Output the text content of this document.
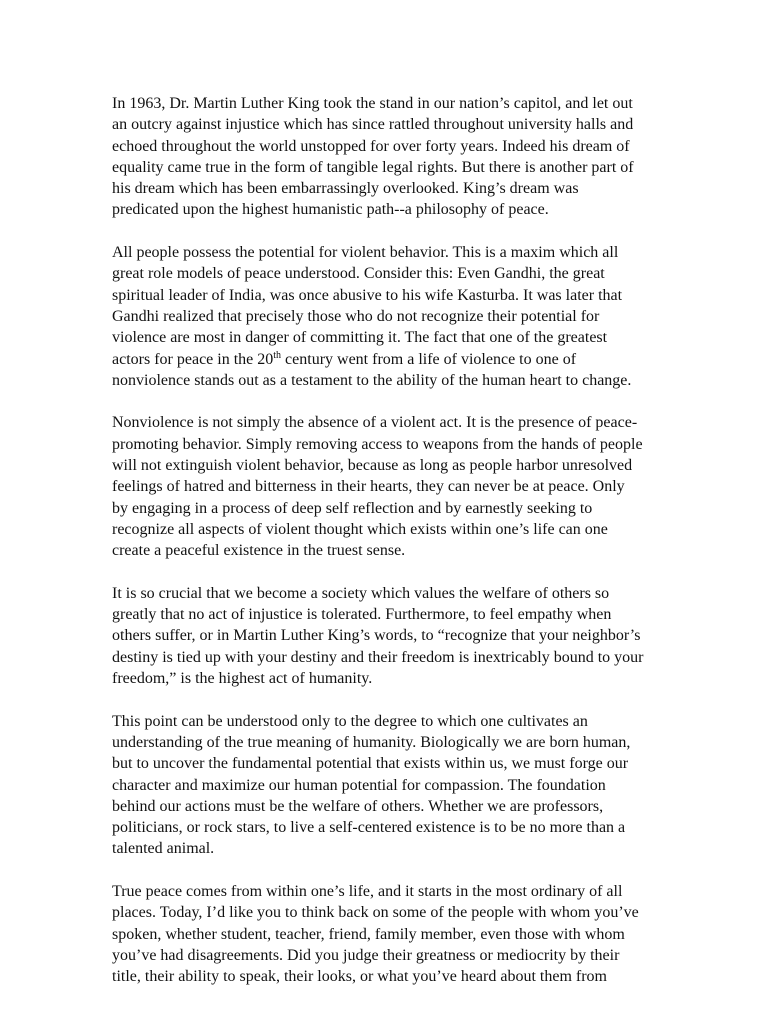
In 1963, Dr. Martin Luther King took the stand in our nation’s capitol, and let out
an outcry against injustice which has since rattled throughout university halls and
echoed throughout the world unstopped for over forty years. Indeed his dream of
equality came true in the form of tangible legal rights. But there is another part of
his dream which has been embarrassingly overlooked. King’s dream was
predicated upon the highest humanistic path--a philosophy of peace.
All people possess the potential for violent behavior. This is a maxim which all
great role models of peace understood. Consider this: Even Gandhi, the great
spiritual leader of India, was once abusive to his wife Kasturba. It was later that
Gandhi realized that precisely those who do not recognize their potential for
violence are most in danger of committing it. The fact that one of the greatest
actors for peace in the 20th century went from a life of violence to one of
nonviolence stands out as a testament to the ability of the human heart to change.
Nonviolence is not simply the absence of a violent act. It is the presence of peace-
promoting behavior. Simply removing access to weapons from the hands of people
will not extinguish violent behavior, because as long as people harbor unresolved
feelings of hatred and bitterness in their hearts, they can never be at peace. Only
by engaging in a process of deep self reflection and by earnestly seeking to
recognize all aspects of violent thought which exists within one’s life can one
create a peaceful existence in the truest sense.
It is so crucial that we become a society which values the welfare of others so
greatly that no act of injustice is tolerated. Furthermore, to feel empathy when
others suffer, or in Martin Luther King’s words, to “recognize that your neighbor’s
destiny is tied up with your destiny and their freedom is inextricably bound to your
freedom,” is the highest act of humanity.
This point can be understood only to the degree to which one cultivates an
understanding of the true meaning of humanity. Biologically we are born human,
but to uncover the fundamental potential that exists within us, we must forge our
character and maximize our human potential for compassion. The foundation
behind our actions must be the welfare of others. Whether we are professors,
politicians, or rock stars, to live a self-centered existence is to be no more than a
talented animal.
True peace comes from within one’s life, and it starts in the most ordinary of all
places. Today, I’d like you to think back on some of the people with whom you’ve
spoken, whether student, teacher, friend, family member, even those with whom
you’ve had disagreements. Did you judge their greatness or mediocrity by their
title, their ability to speak, their looks, or what you’ve heard about them from
